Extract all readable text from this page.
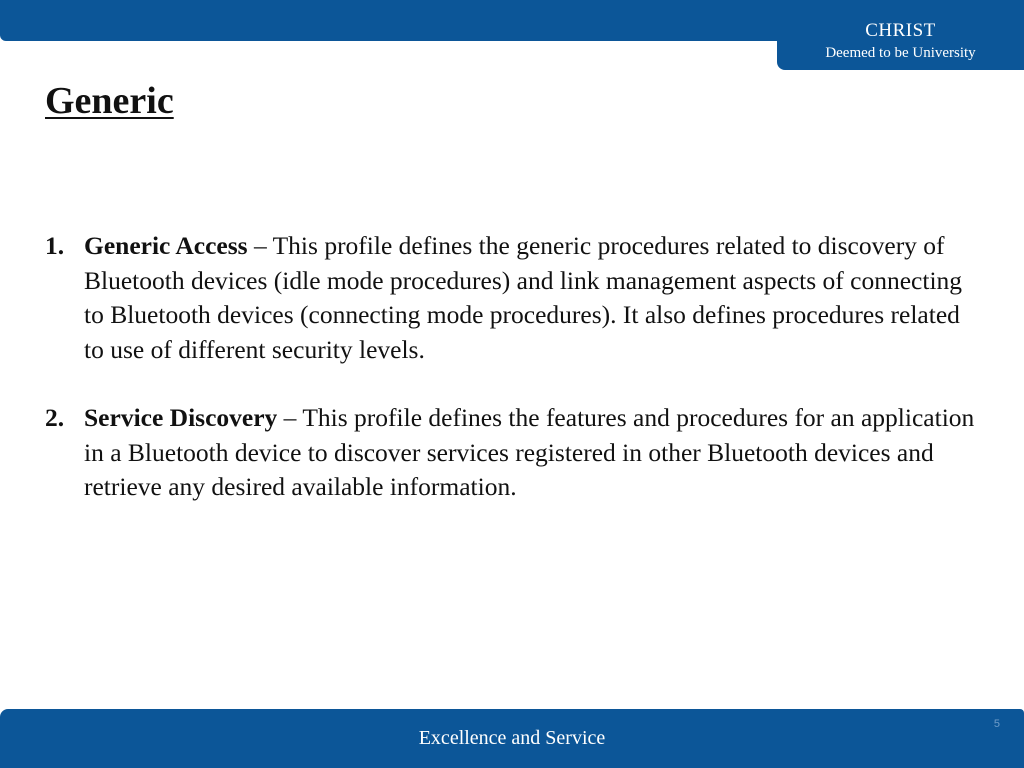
CHRIST
Deemed to be University
Generic
1. Generic Access – This profile defines the generic procedures related to discovery of Bluetooth devices (idle mode procedures) and link management aspects of connecting to Bluetooth devices (connecting mode procedures). It also defines procedures related to use of different security levels.
2. Service Discovery – This profile defines the features and procedures for an application in a Bluetooth device to discover services registered in other Bluetooth devices and retrieve any desired available information.
Excellence and Service
5
